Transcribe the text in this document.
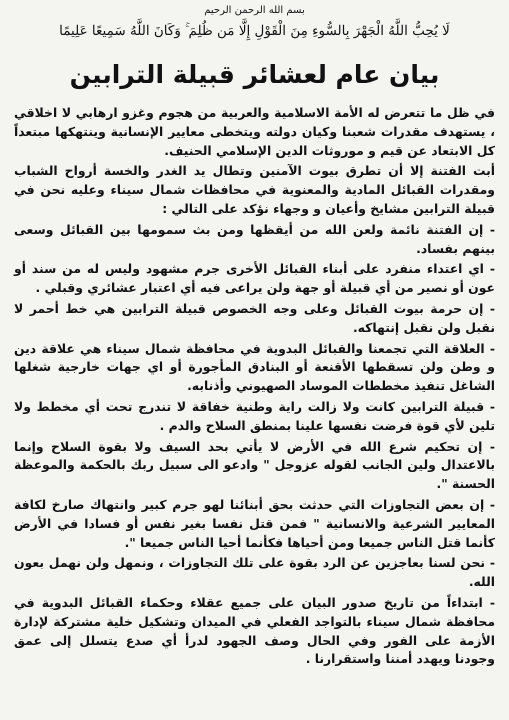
بسم الله الرحمن الرحيم

لَا يُحِبُّ اللَّهُ الْجَهْرَ بِالسُّوءِ مِنَ الْقَوْلِ إِلَّا مَن ظُلِمَ ۚ وَكَانَ اللَّهُ سَمِيعًا عَلِيمًا

بيان عام لعشائر قبيلة الترابين

في ظل ما تتعرض له الأمة الاسلامية والعربية من هجوم وغزو ارهابي لا اخلاقي ، يستهدف مقدرات شعبنا وكيان دولته ويتخطى معايير الإنسانية وينتهكها مبتعداً كل الابتعاد عن قيم و موروثات الدين الإسلامي الحنيف.

أبت الفتنة إلا أن تطرق بيوت الآمنين وتطال يد الغدر والخسة أرواح الشباب ومقدرات القبائل المادية والمعنوية في محافظات شمال سيناء وعليه نحن في قبيلة الترابين مشايخ وأعيان و وجهاء نؤكد على التالي :

- إن الفتنة نائمة ولعن الله من أيقظها ومن بث سمومها بين القبائل وسعى بينهم بفساد.

- اي اعتداء منفرد على أبناء القبائل الأخرى جرم مشهود وليس له من سند أو عون أو نصير من أي قبيلة أو جهة ولن يراعى فيه أي اعتبار عشائري وقبلي .

- إن حرمة بيوت القبائل وعلى وجه الخصوص قبيلة الترابين هي خط أحمر لا نقبل ولن نقبل إنتهاكه.

- العلاقة التي تجمعنا والقبائل البدوية في محافظة شمال سيناء هي علاقة دين و وطن ولن تسقطها الأقنعة أو البنادق المأجورة أو اي جهات خارجية شغلها الشاغل تنفيذ مخططات الموساد الصهيوني وأذنابه.

- قبيلة الترابين كانت ولا زالت راية وطنية خفاقة لا تندرج تحت أي مخطط ولا تلين لأي قوة فرضت نفسها علينا بمنطق السلاح والدم .

- إن تحكيم شرع الله في الأرض لا يأتي بحد السيف ولا بقوة السلاح وإنما بالاعتدال ولين الجانب لقوله عزوجل " وادعو الى سبيل ربك بالحكمة والموعظة الحسنة ".

- إن بعض التجاوزات التي حدثت بحق أبنائنا لهو جرم كبير وانتهاك صارخ لكافة المعايير الشرعية والانسانية " فمن قتل نفسا بغير نفس أو فسادا في الأرض كأنما قتل الناس جميعا ومن أحياها فكأنما أحيا الناس جميعا ".

- نحن لسنا بعاجزين عن الرد بقوة على تلك التجاوزات ، ونمهل ولن نهمل بعون الله.

- ابتداءاً من تاريخ صدور البيان على جميع عقلاء وحكماء القبائل البدوية في محافظة شمال سيناء بالتواجد الفعلي في الميدان وتشكيل خلية مشتركة لإدارة الأزمة على الفور وفي الحال وصف الجهود لدرأ أي صدع يتسلل إلى عمق وجودنا ويهدد أمننا واستقرارنا .
